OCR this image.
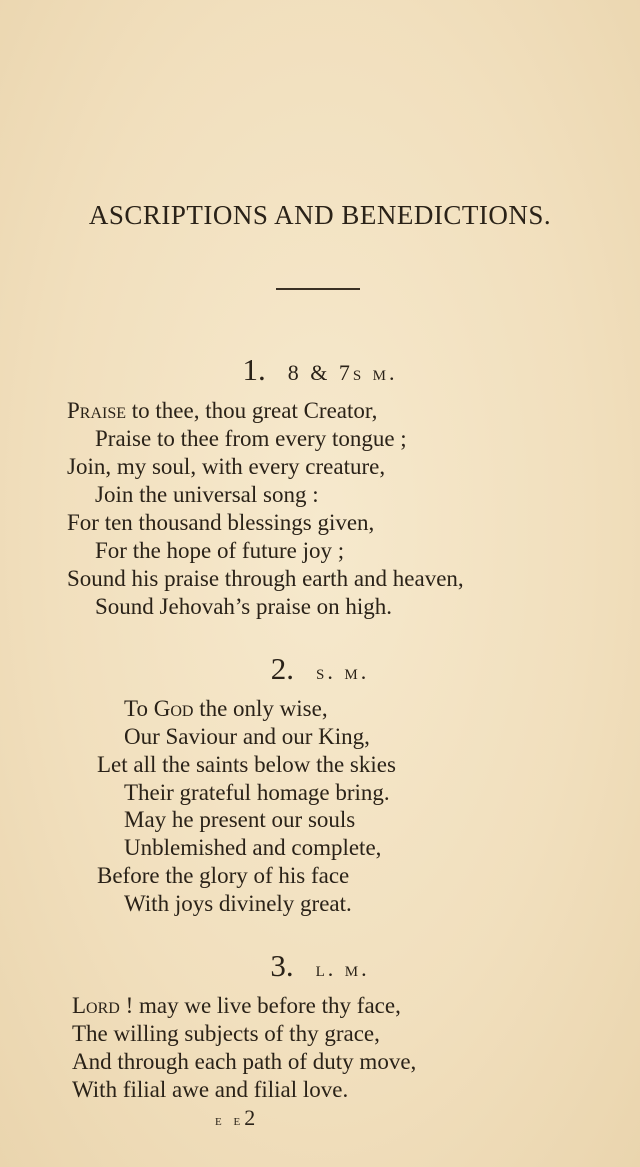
ASCRIPTIONS AND BENEDICTIONS.
1. 8 & 7s m.
Praise to thee, thou great Creator,
Praise to thee from every tongue ;
Join, my soul, with every creature,
Join the universal song :
For ten thousand blessings given,
For the hope of future joy ;
Sound his praise through earth and heaven,
Sound Jehovah’s praise on high.
2. s. m.
To God the only wise,
Our Saviour and our King,
Let all the saints below the skies
Their grateful homage bring.
May he present our souls
Unblemished and complete,
Before the glory of his face
With joys divinely great.
3. l. m.
Lord ! may we live before thy face,
The willing subjects of thy grace,
And through each path of duty move,
With filial awe and filial love.
e e2
